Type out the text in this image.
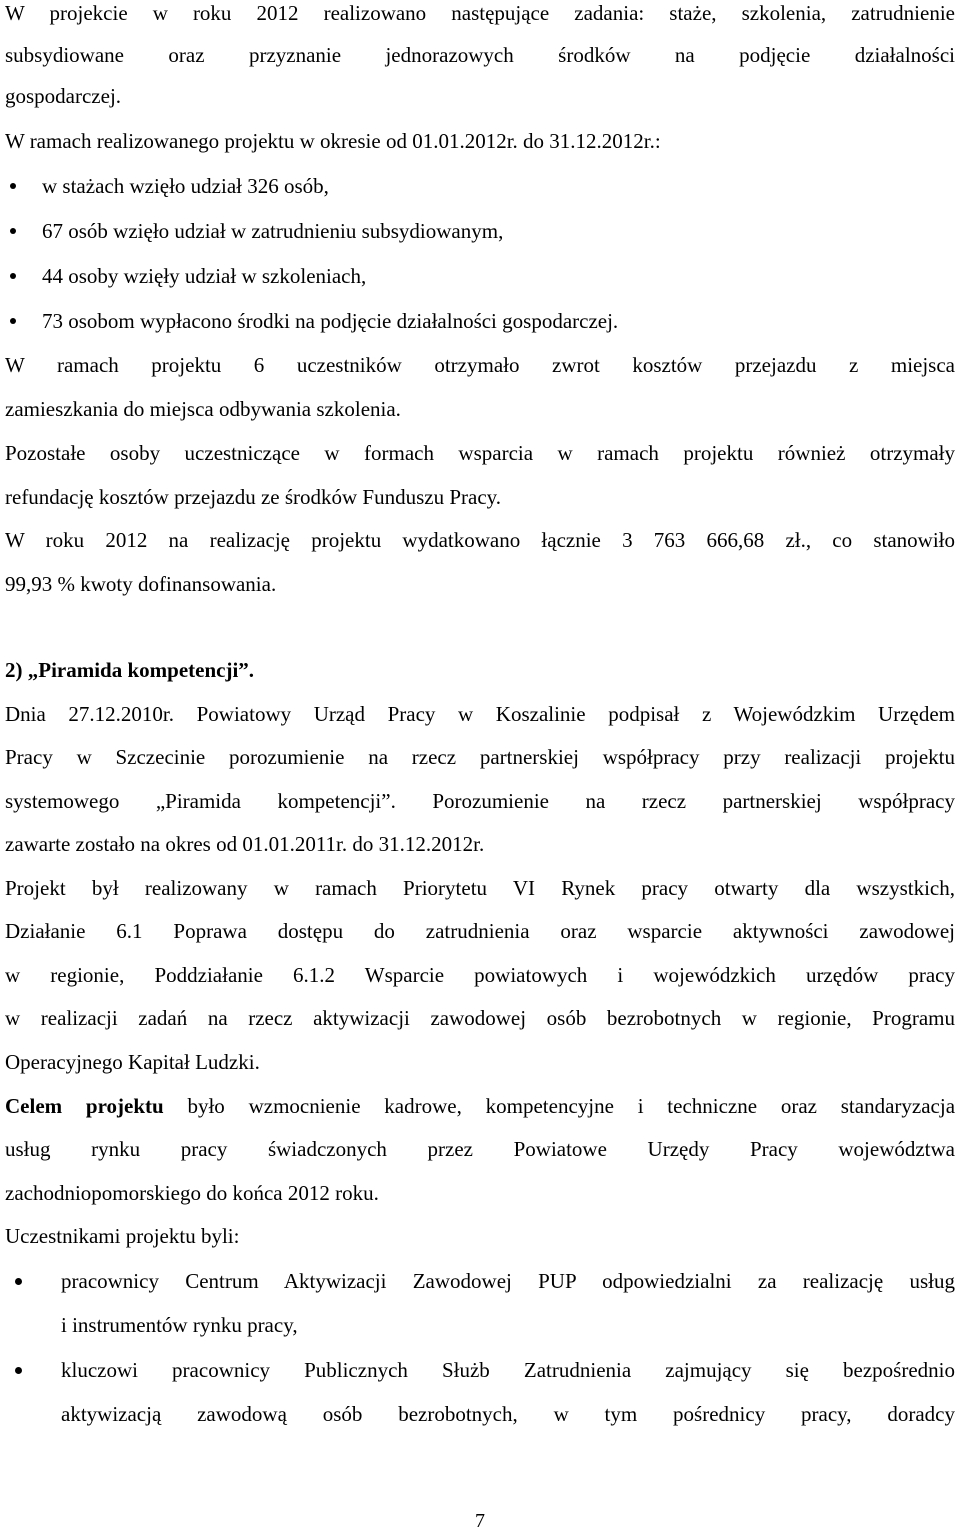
W projekcie w roku 2012 realizowano następujące zadania: staże, szkolenia, zatrudnienie

subsydiowane oraz przyznanie jednorazowych środków na podjęcie działalności

gospodarczej.

W ramach realizowanego projektu w okresie od 01.01.2012r. do 31.12.2012r.:

w stażach wzięło udział 326 osób,

67 osób wzięło udział w zatrudnieniu subsydiowanym,

44 osoby wzięły udział w szkoleniach,

73 osobom wypłacono środki na podjęcie działalności gospodarczej.

W ramach projektu 6 uczestników otrzymało zwrot kosztów przejazdu z miejsca

zamieszkania do miejsca odbywania szkolenia.

Pozostałe osoby uczestniczące w formach wsparcia w ramach projektu również otrzymały

refundację kosztów przejazdu ze środków Funduszu Pracy.

W roku 2012 na realizację projektu wydatkowano łącznie 3 763 666,68 zł., co stanowiło

99,93 % kwoty dofinansowania.

2) „Piramida kompetencji”.

Dnia 27.12.2010r. Powiatowy Urząd Pracy w Koszalinie podpisał z Wojewódzkim Urzędem

Pracy w Szczecinie porozumienie na rzecz partnerskiej współpracy przy realizacji projektu

systemowego „Piramida kompetencji”. Porozumienie na rzecz partnerskiej współpracy

zawarte zostało na okres od 01.01.2011r. do 31.12.2012r.

Projekt był realizowany w ramach Priorytetu VI Rynek pracy otwarty dla wszystkich,

Działanie 6.1 Poprawa dostępu do zatrudnienia oraz wsparcie aktywności zawodowej

w regionie, Poddziałanie 6.1.2 Wsparcie powiatowych i wojewódzkich urzędów pracy

w realizacji zadań na rzecz aktywizacji zawodowej osób bezrobotnych w regionie, Programu

Operacyjnego Kapitał Ludzki.

Celem projektu było wzmocnienie kadrowe, kompetencyjne i techniczne oraz standaryzacja

usług rynku pracy świadczonych przez Powiatowe Urzędy Pracy województwa

zachodniopomorskiego do końca 2012 roku.

Uczestnikami projektu byli:

pracownicy Centrum Aktywizacji Zawodowej PUP odpowiedzialni za realizację usług

i instrumentów rynku pracy,

kluczowi pracownicy Publicznych Służb Zatrudnienia zajmujący się bezpośrednio

aktywizacją zawodową osób bezrobotnych, w tym pośrednicy pracy, doradcy

7
